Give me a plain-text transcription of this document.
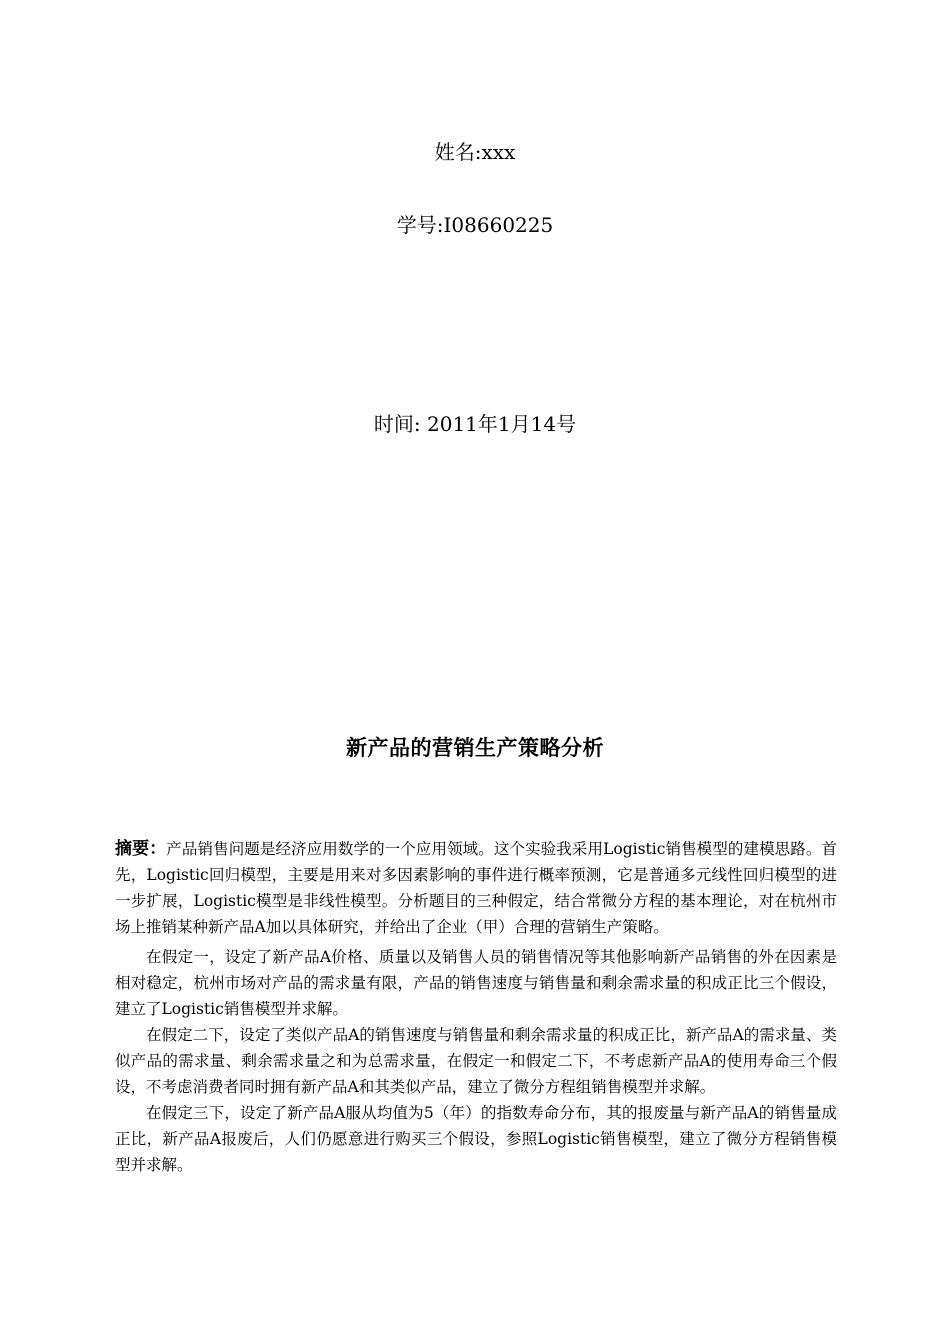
姓名:xxx
学号:I08660225
时间: 2011年1月14号
新产品的营销生产策略分析

摘要：产品销售问题是经济应用数学的一个应用领域。这个实验我采用Logistic销售模型的建模思路。首先，Logistic回归模型，主要是用来对多因素影响的事件进行概率预测，它是普通多元线性回归模型的进一步扩展，Logistic模型是非线性模型。分析题目的三种假定，结合常微分方程的基本理论，对在杭州市场上推销某种新产品A加以具体研究，并给出了企业（甲）合理的营销生产策略。

在假定一，设定了新产品A价格、质量以及销售人员的销售情况等其他影响新产品销售的外在因素是相对稳定，杭州市场对产品的需求量有限，产品的销售速度与销售量和剩余需求量的积成正比三个假设，建立了Logistic销售模型并求解。

在假定二下，设定了类似产品A的销售速度与销售量和剩余需求量的积成正比，新产品A的需求量、类似产品的需求量、剩余需求量之和为总需求量，在假定一和假定二下，不考虑新产品A的使用寿命三个假设，不考虑消费者同时拥有新产品A和其类似产品，建立了微分方程组销售模型并求解。

在假定三下，设定了新产品A服从均值为5（年）的指数寿命分布，其的报废量与新产品A的销售量成正比，新产品A报废后，人们仍愿意进行购买三个假设，参照Logistic销售模型，建立了微分方程销售模型并求解。
